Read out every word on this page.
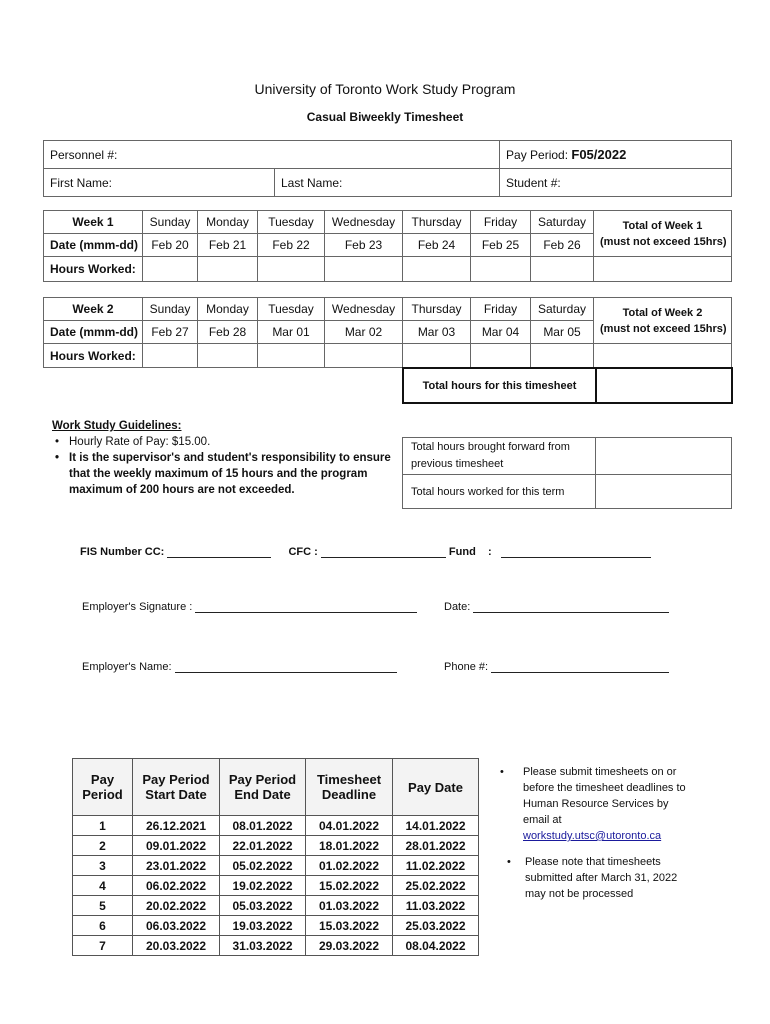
University of Toronto Work Study Program
Casual Biweekly Timesheet
Personnel #:		Pay Period: F05/2022
First Name:	Last Name:	Student #:
Week 1	Sunday	Monday	Tuesday	Wednesday	Thursday	Friday	Saturday	Total of Week 1
(must not exceed 15hrs)

Date (mmm-dd)	Feb 20	Feb 21	Feb 22	Feb 23	Feb 24	Feb 25	Feb 26	
Hours Worked:								
Week 2	Sunday	Monday	Tuesday	Wednesday	Thursday	Friday	Saturday	Total of Week 2
(must not exceed 15hrs)

Date (mmm-dd)	Feb 27	Feb 28	Mar 01	Mar 02	Mar 03	Mar 04	Mar 05	
Hours Worked:								
Total hours for this timesheet	
Work Study Guidelines:
• Hourly Rate of Pay: $15.00.
• It is the supervisor's and student's responsibility to ensure that the weekly maximum of 15 hours and the program maximum of 200 hours are not exceeded.
Total hours brought forward from previous timesheet	
Total hours worked for this term	
FIS Number CC:	CFC :	Fund    :
Employer's Signature :	Date:
Employer's Name:	Phone #:
Pay Period	Pay Period Start Date	Pay Period End Date	Timesheet Deadline	Pay Date
1	26.12.2021	08.01.2022	04.01.2022	14.01.2022
2	09.01.2022	22.01.2022	18.01.2022	28.01.2022
3	23.01.2022	05.02.2022	01.02.2022	11.02.2022
4	06.02.2022	19.02.2022	15.02.2022	25.02.2022
5	20.02.2022	05.03.2022	01.03.2022	11.03.2022
6	06.03.2022	19.03.2022	15.03.2022	25.03.2022
7	20.03.2022	31.03.2022	29.03.2022	08.04.2022
• Please submit timesheets on or before the timesheet deadlines to Human Resource Services by email at workstudy.utsc@utoronto.ca
• Please note that timesheets submitted after March 31, 2022 may not be processed
